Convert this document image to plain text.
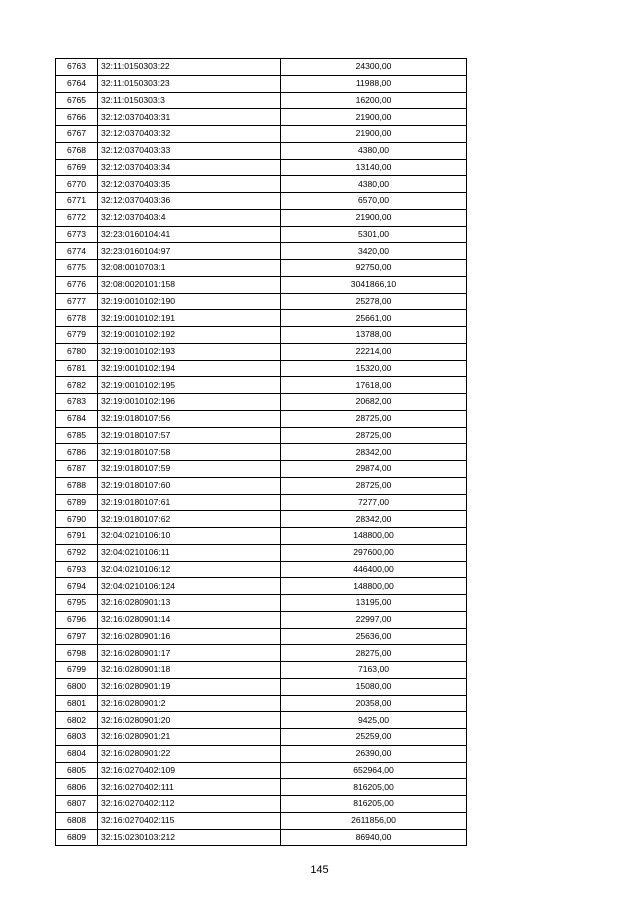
6763	32:11:0150303:22	24300,00
6764	32:11:0150303:23	11988,00
6765	32:11:0150303:3	16200,00
6766	32:12:0370403:31	21900,00
6767	32:12:0370403:32	21900,00
6768	32:12:0370403:33	4380,00
6769	32:12:0370403:34	13140,00
6770	32:12:0370403:35	4380,00
6771	32:12:0370403:36	6570,00
6772	32:12:0370403:4	21900,00
6773	32:23:0160104:41	5301,00
6774	32:23:0160104:97	3420,00
6775	32:08:0010703:1	92750,00
6776	32:08:0020101:158	3041866,10
6777	32:19:0010102:190	25278,00
6778	32:19:0010102:191	25661,00
6779	32:19:0010102:192	13788,00
6780	32:19:0010102:193	22214,00
6781	32:19:0010102:194	15320,00
6782	32:19:0010102:195	17618,00
6783	32:19:0010102:196	20682,00
6784	32:19:0180107:56	28725,00
6785	32:19:0180107:57	28725,00
6786	32:19:0180107:58	28342,00
6787	32:19:0180107:59	29874,00
6788	32:19:0180107:60	28725,00
6789	32:19:0180107:61	7277,00
6790	32:19:0180107:62	28342,00
6791	32:04:0210106:10	148800,00
6792	32:04:0210106:11	297600,00
6793	32:04:0210106:12	446400,00
6794	32:04:0210106:124	148800,00
6795	32:16:0280901:13	13195,00
6796	32:16:0280901:14	22997,00
6797	32:16:0280901:16	25636,00
6798	32:16:0280901:17	28275,00
6799	32:16:0280901:18	7163,00
6800	32:16:0280901:19	15080,00
6801	32:16:0280901:2	20358,00
6802	32:16:0280901:20	9425,00
6803	32:16:0280901:21	25259,00
6804	32:16:0280901:22	26390,00
6805	32:16:0270402:109	652964,00
6806	32:16:0270402:111	816205,00
6807	32:16:0270402:112	816205,00
6808	32:16:0270402:115	2611856,00
6809	32:15:0230103:212	86940,00
145
